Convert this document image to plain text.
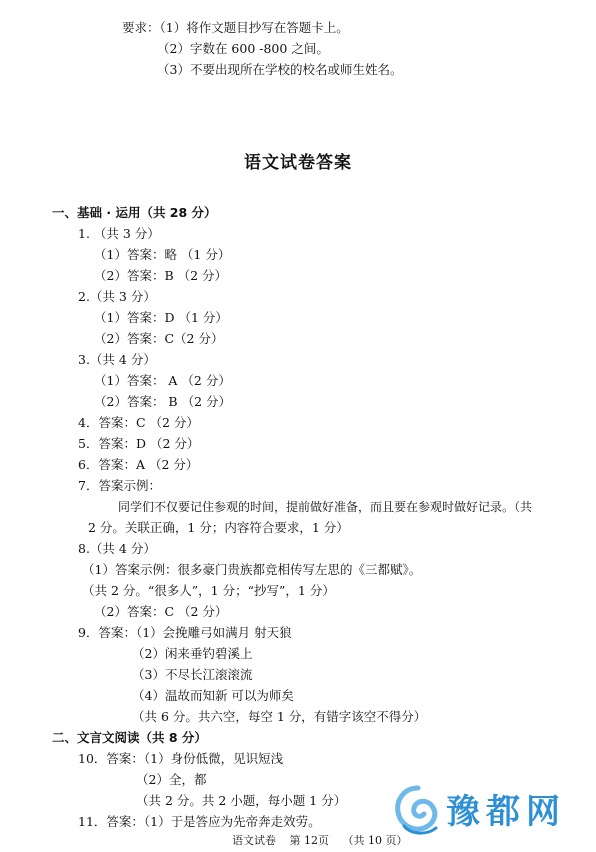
要求：（1）将作文题目抄写在答题卡上。
（2）字数在 600 -800 之间。
（3）不要出现所在学校的校名或师生姓名。
语文试卷答案
一、基础 · 运用（共 28 分）
1. （共 3 分）
（1）答案：略 （1 分）
（2）答案：B （2 分）
2.（共 3 分）
（1）答案：D （1 分）
（2）答案：C（2 分）
3.（共 4 分）
（1）答案： A （2 分）
（2）答案： B （2 分）
4．答案：C （2 分）
5．答案：D （2 分）
6．答案：A （2 分）
7．答案示例：
同学们不仅要记住参观的时间，提前做好准备，而且要在参观时做好记录。（共
2 分。关联正确，1 分；内容符合要求，1 分）
8.（共 4 分）
（1）答案示例：很多豪门贵族都竞相传写左思的《三都赋》。
（共 2 分。“很多人”，1 分；“抄写”，1 分）
（2）答案：C （2 分）
9．答案：（1）会挽雕弓如满月 射天狼
（2）闲来垂钓碧溪上
（3）不尽长江滚滚流
（4）温故而知新 可以为师矣
（共 6 分。共六空，每空 1 分，有错字该空不得分）
二、文言文阅读（共 8 分）
10．答案：（1）身份低微，见识短浅
（2）全，都
（共 2 分。共 2 小题，每小题 1 分）
11．答案：（1）于是答应为先帝奔走效劳。
语文试卷 第 12页 （共 10 页）
豫都网
